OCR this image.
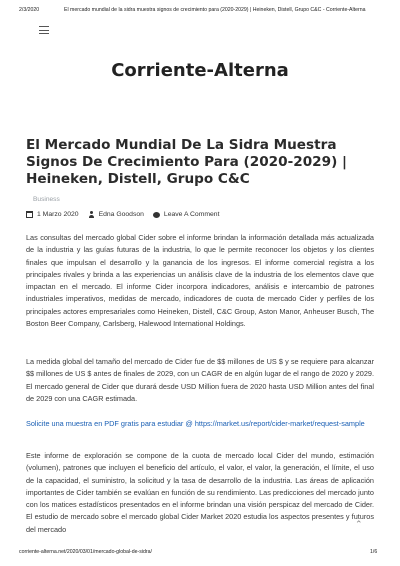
2/3/2020	El mercado mundial de la sidra muestra signos de crecimiento para (2020-2029) | Heineken, Distell, Grupo C&C - Corriente-Alterna
Corriente-Alterna
El Mercado Mundial De La Sidra Muestra Signos De Crecimiento Para (2020-2029) | Heineken, Distell, Grupo C&C
Business
1 Marzo 2020	Edna Goodson	Leave A Comment

Las consultas del mercado global Cider sobre el informe brindan la información detallada más actualizada de la industria y las guías futuras de la industria, lo que le permite reconocer los objetos y los clientes finales que impulsan el desarrollo y la ganancia de los ingresos. El informe comercial registra a los principales rivales y brinda a las experiencias un análisis clave de la industria de los elementos clave que impactan en el mercado. El informe Cider incorpora indicadores, análisis e intercambio de patrones industriales imperativos, medidas de mercado, indicadores de cuota de mercado Cider y perfiles de los principales actores empresariales como Heineken, Distell, C&C Group, Aston Manor, Anheuser Busch, The Boston Beer Company, Carlsberg, Halewood International Holdings.

La medida global del tamaño del mercado de Cider fue de $$ millones de US $ y se requiere para alcanzar $$ millones de US $ antes de finales de 2029, con un CAGR de en algún lugar de el rango de 2020 y 2029. El mercado general de Cider que durará desde USD Million fuera de 2020 hasta USD Million antes del final de 2029 con una CAGR estimada.

Solicite una muestra en PDF gratis para estudiar @ https://market.us/report/cider-market/request-sample

Este informe de exploración se compone de la cuota de mercado local Cider del mundo, estimación (volumen), patrones que incluyen el beneficio del artículo, el valor, el valor, la generación, el límite, el uso de la capacidad, el suministro, la solicitud y la tasa de desarrollo de la industria. Las áreas de aplicación importantes de Cider también se evalúan en función de su rendimiento. Las predicciones del mercado junto con los matices estadísticos presentados en el informe brindan una visión perspicaz del mercado de Cider. El estudio de mercado sobre el mercado global Cider Market 2020 estudia los aspectos presentes y futuros del mercado

⌃
corriente-alterna.net/2020/03/01/mercado-global-de-sidra/	1/6
